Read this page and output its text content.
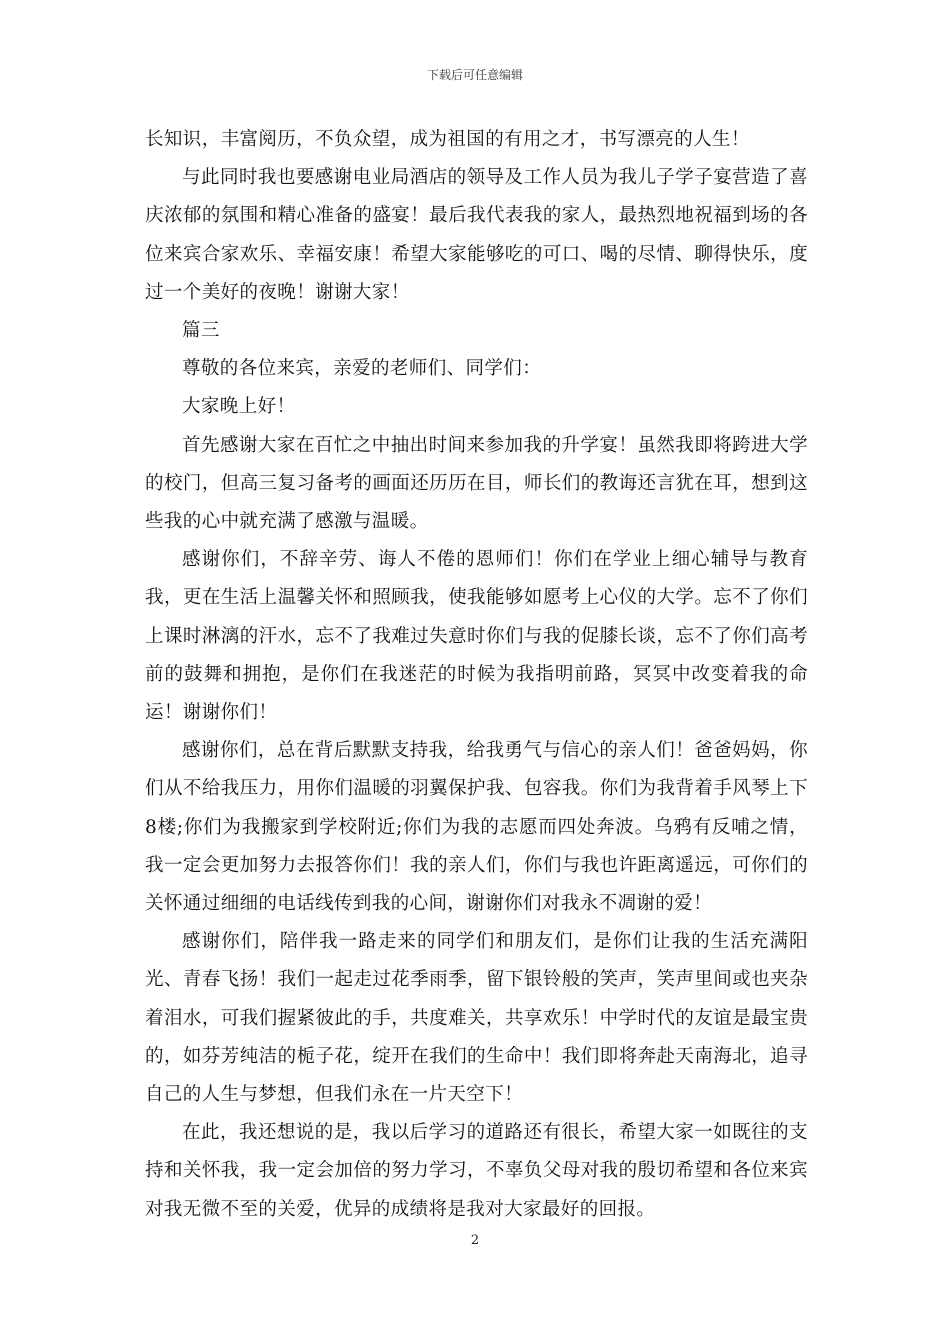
下载后可任意编辑

长知识，丰富阅历，不负众望，成为祖国的有用之才，书写漂亮的人生！

与此同时我也要感谢电业局酒店的领导及工作人员为我儿子学子宴营造了喜庆浓郁的氛围和精心准备的盛宴！最后我代表我的家人，最热烈地祝福到场的各位来宾合家欢乐、幸福安康！希望大家能够吃的可口、喝的尽情、聊得快乐，度过一个美好的夜晚！谢谢大家！

篇三

尊敬的各位来宾，亲爱的老师们、同学们：

大家晚上好！

首先感谢大家在百忙之中抽出时间来参加我的升学宴！虽然我即将跨进大学的校门，但高三复习备考的画面还历历在目，师长们的教诲还言犹在耳，想到这些我的心中就充满了感激与温暖。

感谢你们，不辞辛劳、诲人不倦的恩师们！你们在学业上细心辅导与教育我，更在生活上温馨关怀和照顾我，使我能够如愿考上心仪的大学。忘不了你们上课时淋漓的汗水，忘不了我难过失意时你们与我的促膝长谈，忘不了你们高考前的鼓舞和拥抱，是你们在我迷茫的时候为我指明前路，冥冥中改变着我的命运！谢谢你们！

感谢你们，总在背后默默支持我，给我勇气与信心的亲人们！爸爸妈妈，你们从不给我压力，用你们温暖的羽翼保护我、包容我。你们为我背着手风琴上下8楼;你们为我搬家到学校附近;你们为我的志愿而四处奔波。乌鸦有反哺之情，我一定会更加努力去报答你们！我的亲人们，你们与我也许距离遥远，可你们的关怀通过细细的电话线传到我的心间，谢谢你们对我永不凋谢的爱！

感谢你们，陪伴我一路走来的同学们和朋友们，是你们让我的生活充满阳光、青春飞扬！我们一起走过花季雨季，留下银铃般的笑声，笑声里间或也夹杂着泪水，可我们握紧彼此的手，共度难关，共享欢乐！中学时代的友谊是最宝贵的，如芬芳纯洁的栀子花，绽开在我们的生命中！我们即将奔赴天南海北，追寻自己的人生与梦想，但我们永在一片天空下！

在此，我还想说的是，我以后学习的道路还有很长，希望大家一如既往的支持和关怀我，我一定会加倍的努力学习，不辜负父母对我的殷切希望和各位来宾对我无微不至的关爱，优异的成绩将是我对大家最好的回报。

2
